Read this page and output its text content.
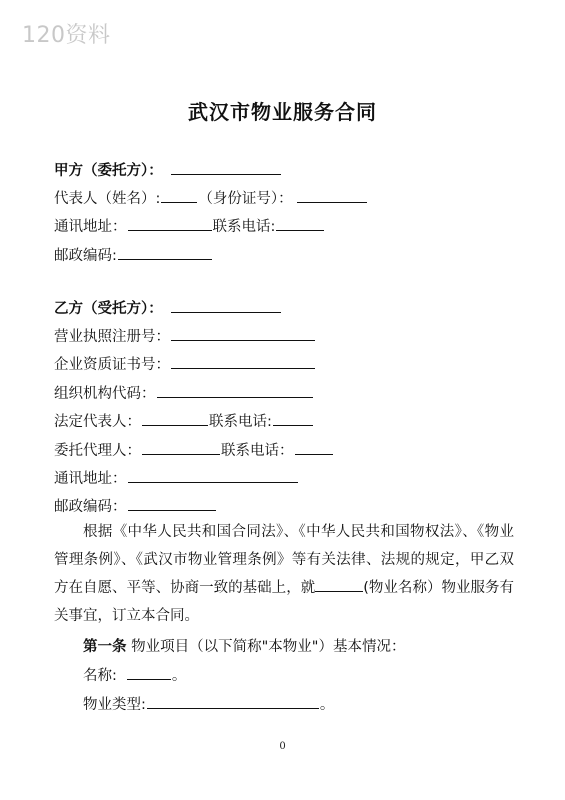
120资料
武汉市物业服务合同
甲方（委托方）：
代表人（姓名）:	（身份证号）：
通讯地址：	联系电话:
邮政编码:
乙方（受托方）：
营业执照注册号：
企业资质证书号：
组织机构代码：
法定代表人：	联系电话:
委托代理人：	联系电话：
通讯地址：
邮政编码：
根据《中华人民共和国合同法》、《中华人民共和国物权法》、《物业管理条例》、《武汉市物业管理条例》等有关法律、法规的规定，甲乙双方在自愿、平等、协商一致的基础上，就	(物业名称）物业服务有关事宜，订立本合同。
第一条 物业项目（以下简称"本物业"）基本情况：
名称:	。
物业类型:	。
0
